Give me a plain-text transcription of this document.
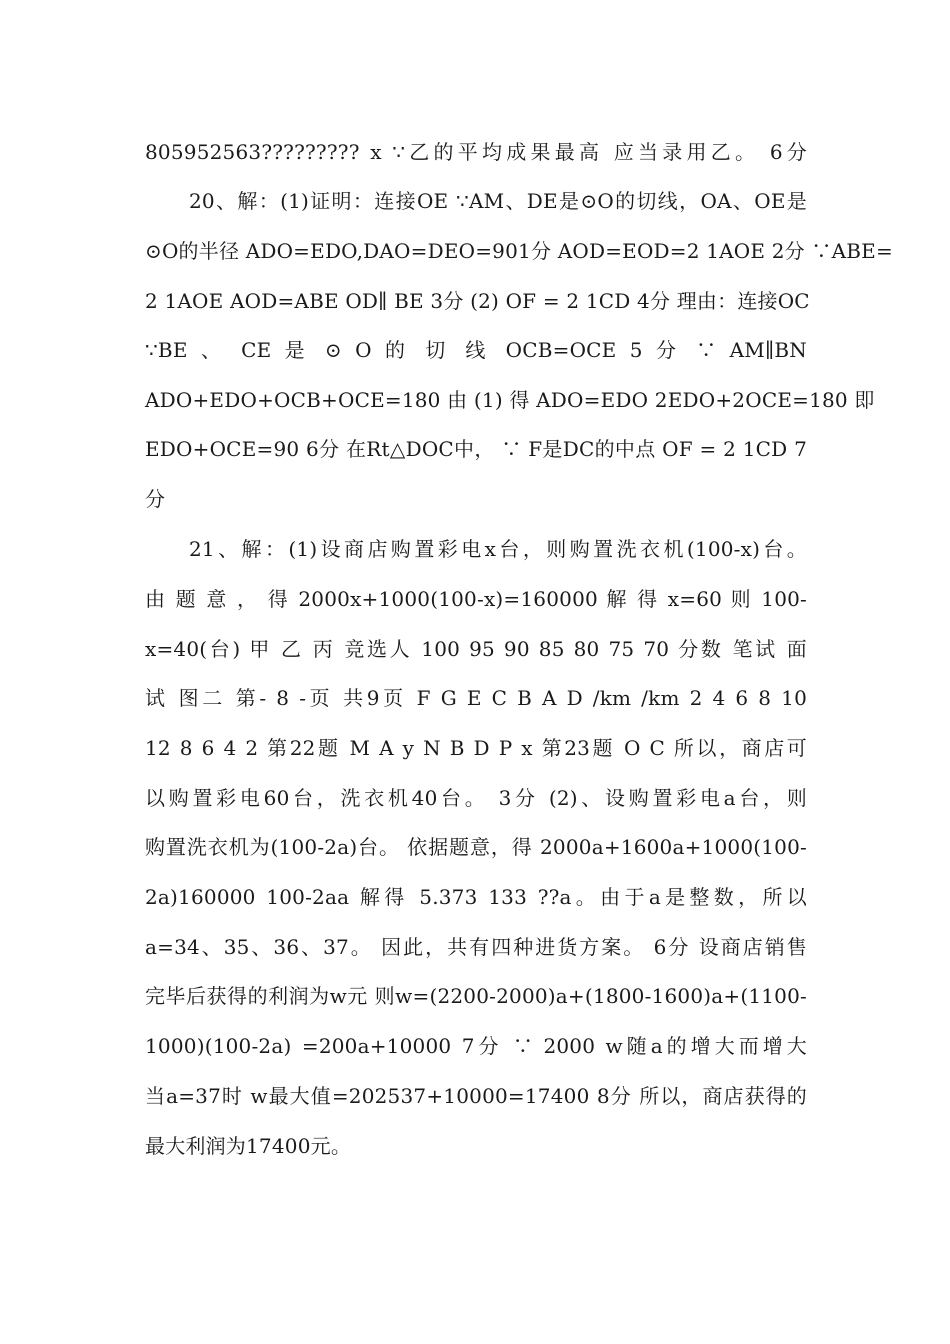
805952563????????? x ∵乙的平均成果最高 应当录用乙。 6分
20、解：(1)证明：连接OE ∵AM、DE是⊙O的切线，OA、OE是
⊙O的半径 ADO=EDO,DAO=DEO=901分 AOD=EOD=2 1AOE 2分 ∵ABE=
2 1AOE AOD=ABE OD∥ BE 3分 (2) OF = 2 1CD 4分 理由：连接OC
∵BE 、 CE 是 ⊙ O 的 切 线 OCB=OCE 5 分 ∵ AM∥BN
ADO+EDO+OCB+OCE=180 由 (1) 得 ADO=EDO 2EDO+2OCE=180 即
EDO+OCE=90 6分 在Rt△DOC中， ∵ F是DC的中点 OF = 2 1CD 7
分
21、解：(1)设商店购置彩电x台，则购置洗衣机(100-x)台。
由 题 意 ， 得 2000x+1000(100-x)=160000 解 得 x=60 则 100-
x=40(台) 甲 乙 丙 竞选人 100 95 90 85 80 75 70 分数 笔试 面
试 图二 第- 8 -页 共9页 F G E C B A D /km /km 2 4 6 8 10
12 8 6 4 2 第22题 M A y N B D P x 第23题 O C 所以，商店可
以购置彩电60台，洗衣机40台。 3分 (2)、设购置彩电a台，则
购置洗衣机为(100-2a)台。 依据题意，得 2000a+1600a+1000(100-
2a)160000 100-2aa 解得 5.373 133 ??a。由于a是整数，所以
a=34、35、36、37。 因此，共有四种进货方案。 6分 设商店销售
完毕后获得的利润为w元 则w=(2200-2000)a+(1800-1600)a+(1100-
1000)(100-2a) =200a+10000 7分 ∵ 2000 w随a的增大而增大
当a=37时 w最大值=202537+10000=17400 8分 所以，商店获得的
最大利润为17400元。
